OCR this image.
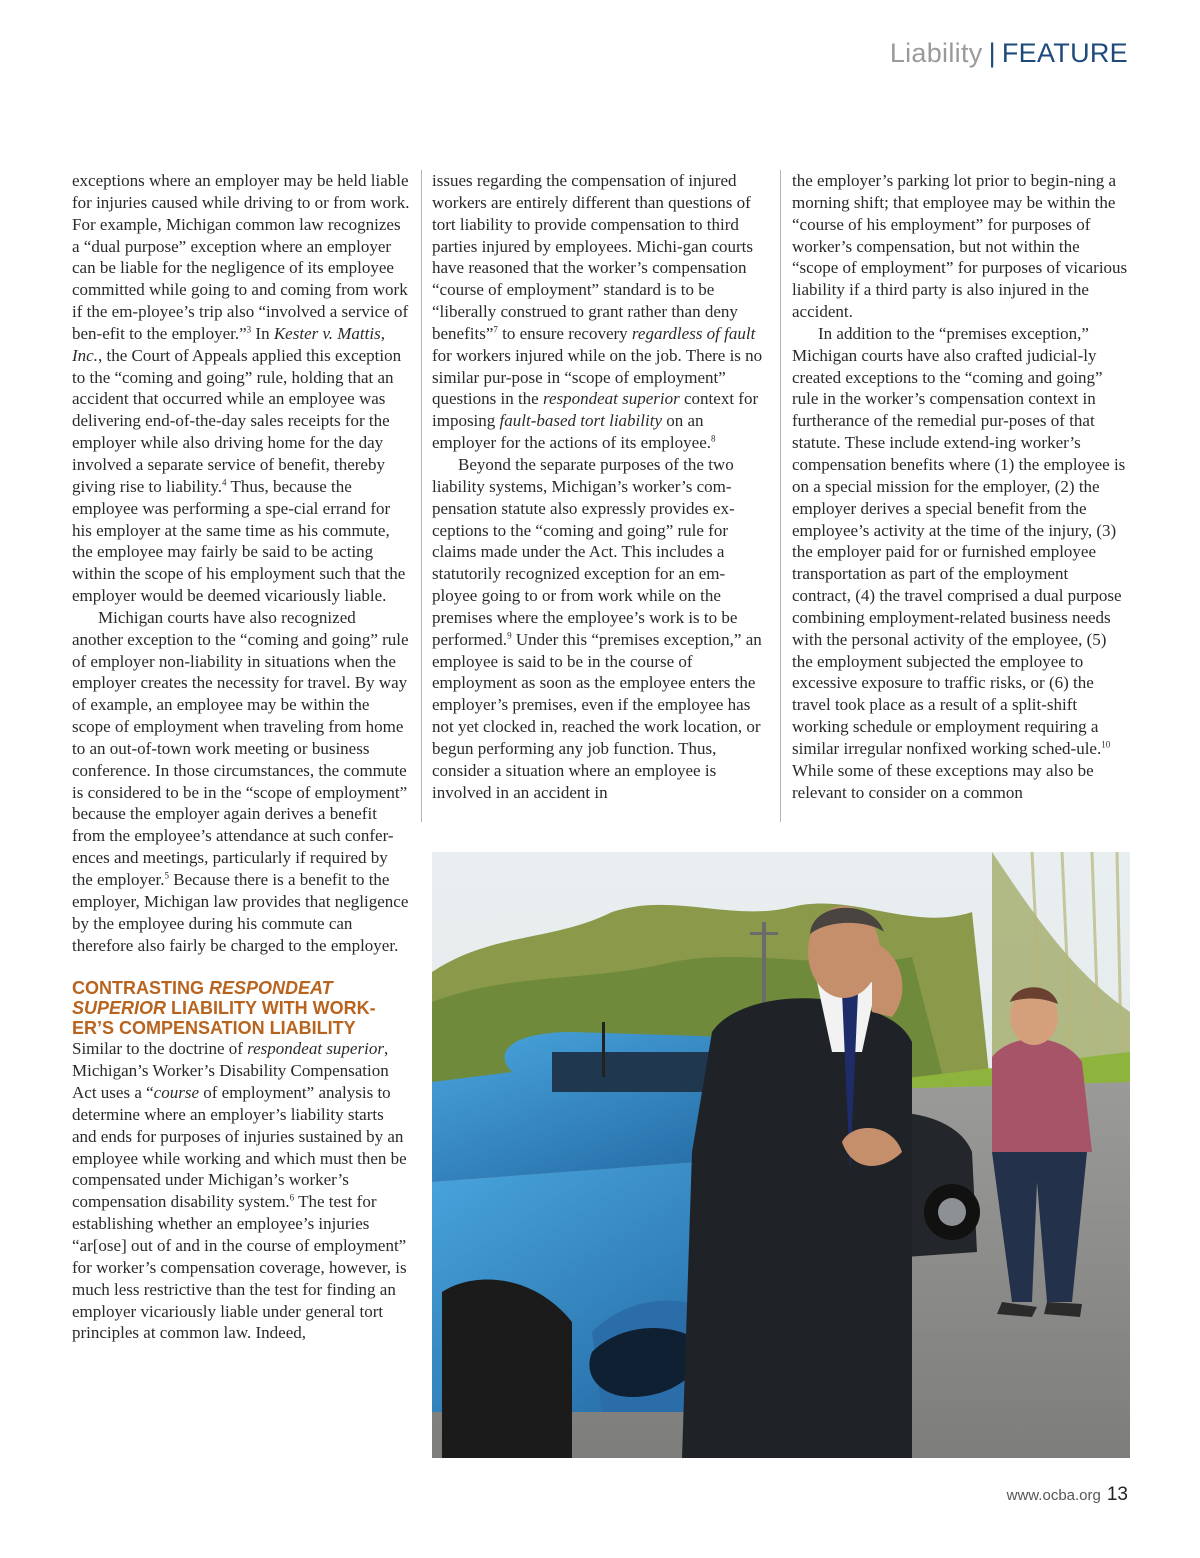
Liability | FEATURE

exceptions where an employer may be held liable for injuries caused while driving to or from work. For example, Michigan common law recognizes a “dual purpose” exception where an employer can be liable for the negligence of its employee committed while going to and coming from work if the em-ployee’s trip also “involved a service of ben-efit to the employer.”$^3$ In Kester v. Mattis, Inc., the Court of Appeals applied this exception to the “coming and going” rule, holding that an accident that occurred while an employee was delivering end-of-the-day sales receipts for the employer while also driving home for the day involved a separate service of benefit, thereby giving rise to liability.$^4$ Thus, because the employee was performing a spe-cial errand for his employer at the same time as his commute, the employee may fairly be said to be acting within the scope of his employment such that the employer would be deemed vicariously liable.

Michigan courts have also recognized another exception to the “coming and going” rule of employer non-liability in situations when the employer creates the necessity for travel. By way of example, an employee may be within the scope of employment when traveling from home to an out-of-town work meeting or business conference. In those circumstances, the commute is considered to be in the “scope of employment” because the employer again derives a benefit from the employee’s attendance at such confer-ences and meetings, particularly if required by the employer.$^5$ Because there is a benefit to the employer, Michigan law provides that negligence by the employee during his commute can therefore also fairly be charged to the employer.

CONTRASTING RESPONDEAT SUPERIOR LIABILITY WITH WORK-ER’S COMPENSATION LIABILITY

Similar to the doctrine of respondeat superior, Michigan’s Worker’s Disability Compensation Act uses a “course of employment” analysis to determine where an employer’s liability starts and ends for purposes of injuries sustained by an employee while working and which must then be compensated under Michigan’s worker’s compensation disability system.$^6$ The test for establishing whether an employee’s injuries “ar[ose] out of and in the course of employment” for worker’s compensation coverage, however, is much less restrictive than the test for finding an employer vicariously liable under general tort principles at common law. Indeed,

issues regarding the compensation of injured workers are entirely different than questions of tort liability to provide compensation to third parties injured by employees. Michi-gan courts have reasoned that the worker’s compensation “course of employment” standard is to be “liberally construed to grant rather than deny benefits”$^7$ to ensure recovery regardless of fault for workers injured while on the job. There is no similar pur-pose in “scope of employment” questions in the respondeat superior context for imposing fault-based tort liability on an employer for the actions of its employee.$^8$

Beyond the separate purposes of the two liability systems, Michigan’s worker’s com-pensation statute also expressly provides ex-ceptions to the “coming and going” rule for claims made under the Act. This includes a statutorily recognized exception for an em-ployee going to or from work while on the premises where the employee’s work is to be performed.$^9$ Under this “premises exception,” an employee is said to be in the course of employment as soon as the employee enters the employer’s premises, even if the employee has not yet clocked in, reached the work location, or begun performing any job function. Thus, consider a situation where an employee is involved in an accident in

the employer’s parking lot prior to begin-ning a morning shift; that employee may be within the “course of his employment” for purposes of worker’s compensation, but not within the “scope of employment” for purposes of vicarious liability if a third party is also injured in the accident.

In addition to the “premises exception,” Michigan courts have also crafted judicial-ly created exceptions to the “coming and going” rule in the worker’s compensation context in furtherance of the remedial pur-poses of that statute. These include extend-ing worker’s compensation benefits where (1) the employee is on a special mission for the employer, (2) the employer derives a special benefit from the employee’s activity at the time of the injury, (3) the employer paid for or furnished employee transportation as part of the employment contract, (4) the travel comprised a dual purpose combining employment-related business needs with the personal activity of the employee, (5) the employment subjected the employee to excessive exposure to traffic risks, or (6) the travel took place as a result of a split-shift working schedule or employment requiring a similar irregular nonfixed working sched-ule.$^{10}$ While some of these exceptions may also be relevant to consider on a common

www.ocba.org 13
